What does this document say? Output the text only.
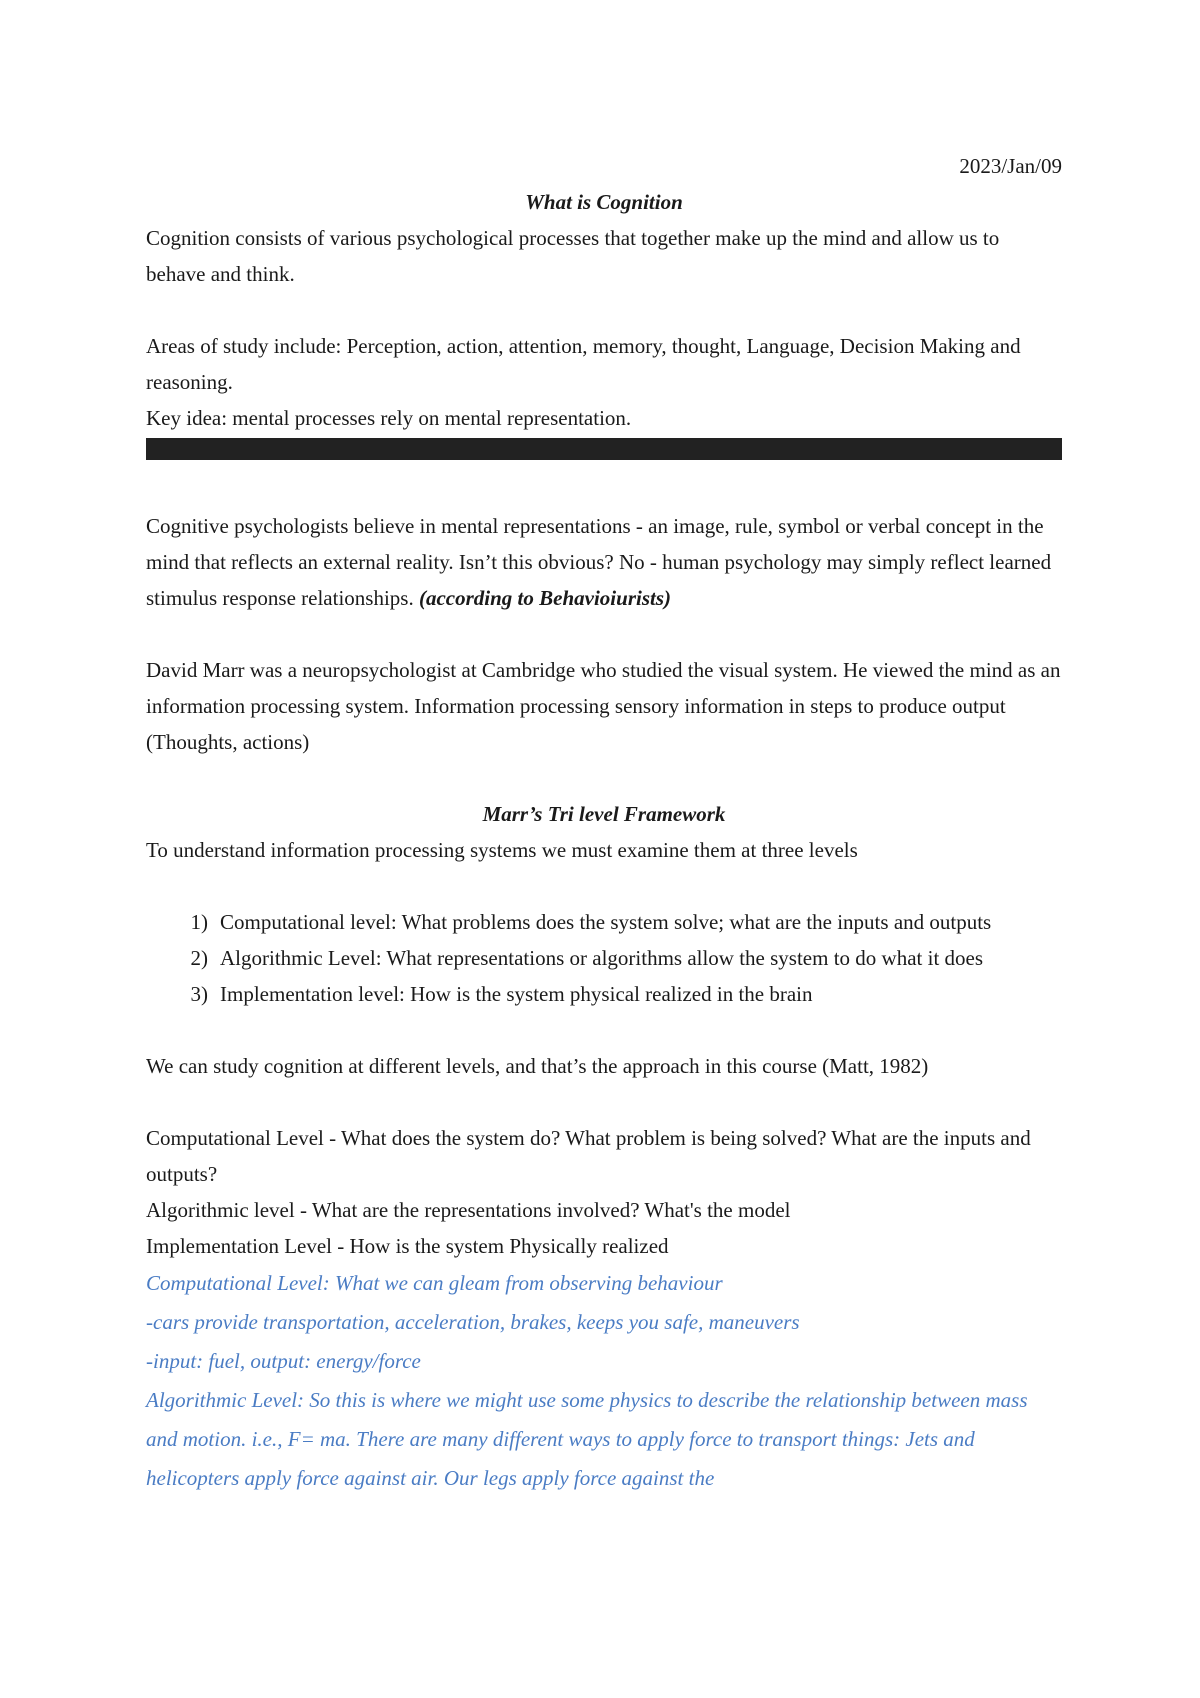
2023/Jan/09
What is Cognition

Cognition consists of various psychological processes that together make up the mind and allow us to behave and think.

Areas of study include: Perception, action, attention, memory, thought, Language, Decision Making and reasoning.

Key idea: mental processes rely on mental representation.

Cognitive psychologists believe in mental representations - an image, rule, symbol or verbal concept in the mind that reflects an external reality. Isn’t this obvious? No - human psychology may simply reflect learned stimulus response relationships. (according to Behavioiurists)

David Marr was a neuropsychologist at Cambridge who studied the visual system. He viewed the mind as an information processing system. Information processing sensory information in steps to produce output (Thoughts, actions)

Marr’s Tri level Framework

To understand information processing systems we must examine them at three levels

1) Computational level: What problems does the system solve; what are the inputs and outputs
2) Algorithmic Level: What representations or algorithms allow the system to do what it does
3) Implementation level: How is the system physical realized in the brain

We can study cognition at different levels, and that’s the approach in this course (Matt, 1982)

Computational Level - What does the system do? What problem is being solved? What are the inputs and outputs?

Algorithmic level - What are the representations involved? What's the model

Implementation Level - How is the system Physically realized

Computational Level: What we can gleam from observing behaviour

-cars provide transportation, acceleration, brakes, keeps you safe, maneuvers

-input: fuel, output: energy/force

Algorithmic Level: So this is where we might use some physics to describe the relationship between mass and motion. i.e., F= ma. There are many different ways to apply force to transport things: Jets and helicopters apply force against air. Our legs apply force against the
